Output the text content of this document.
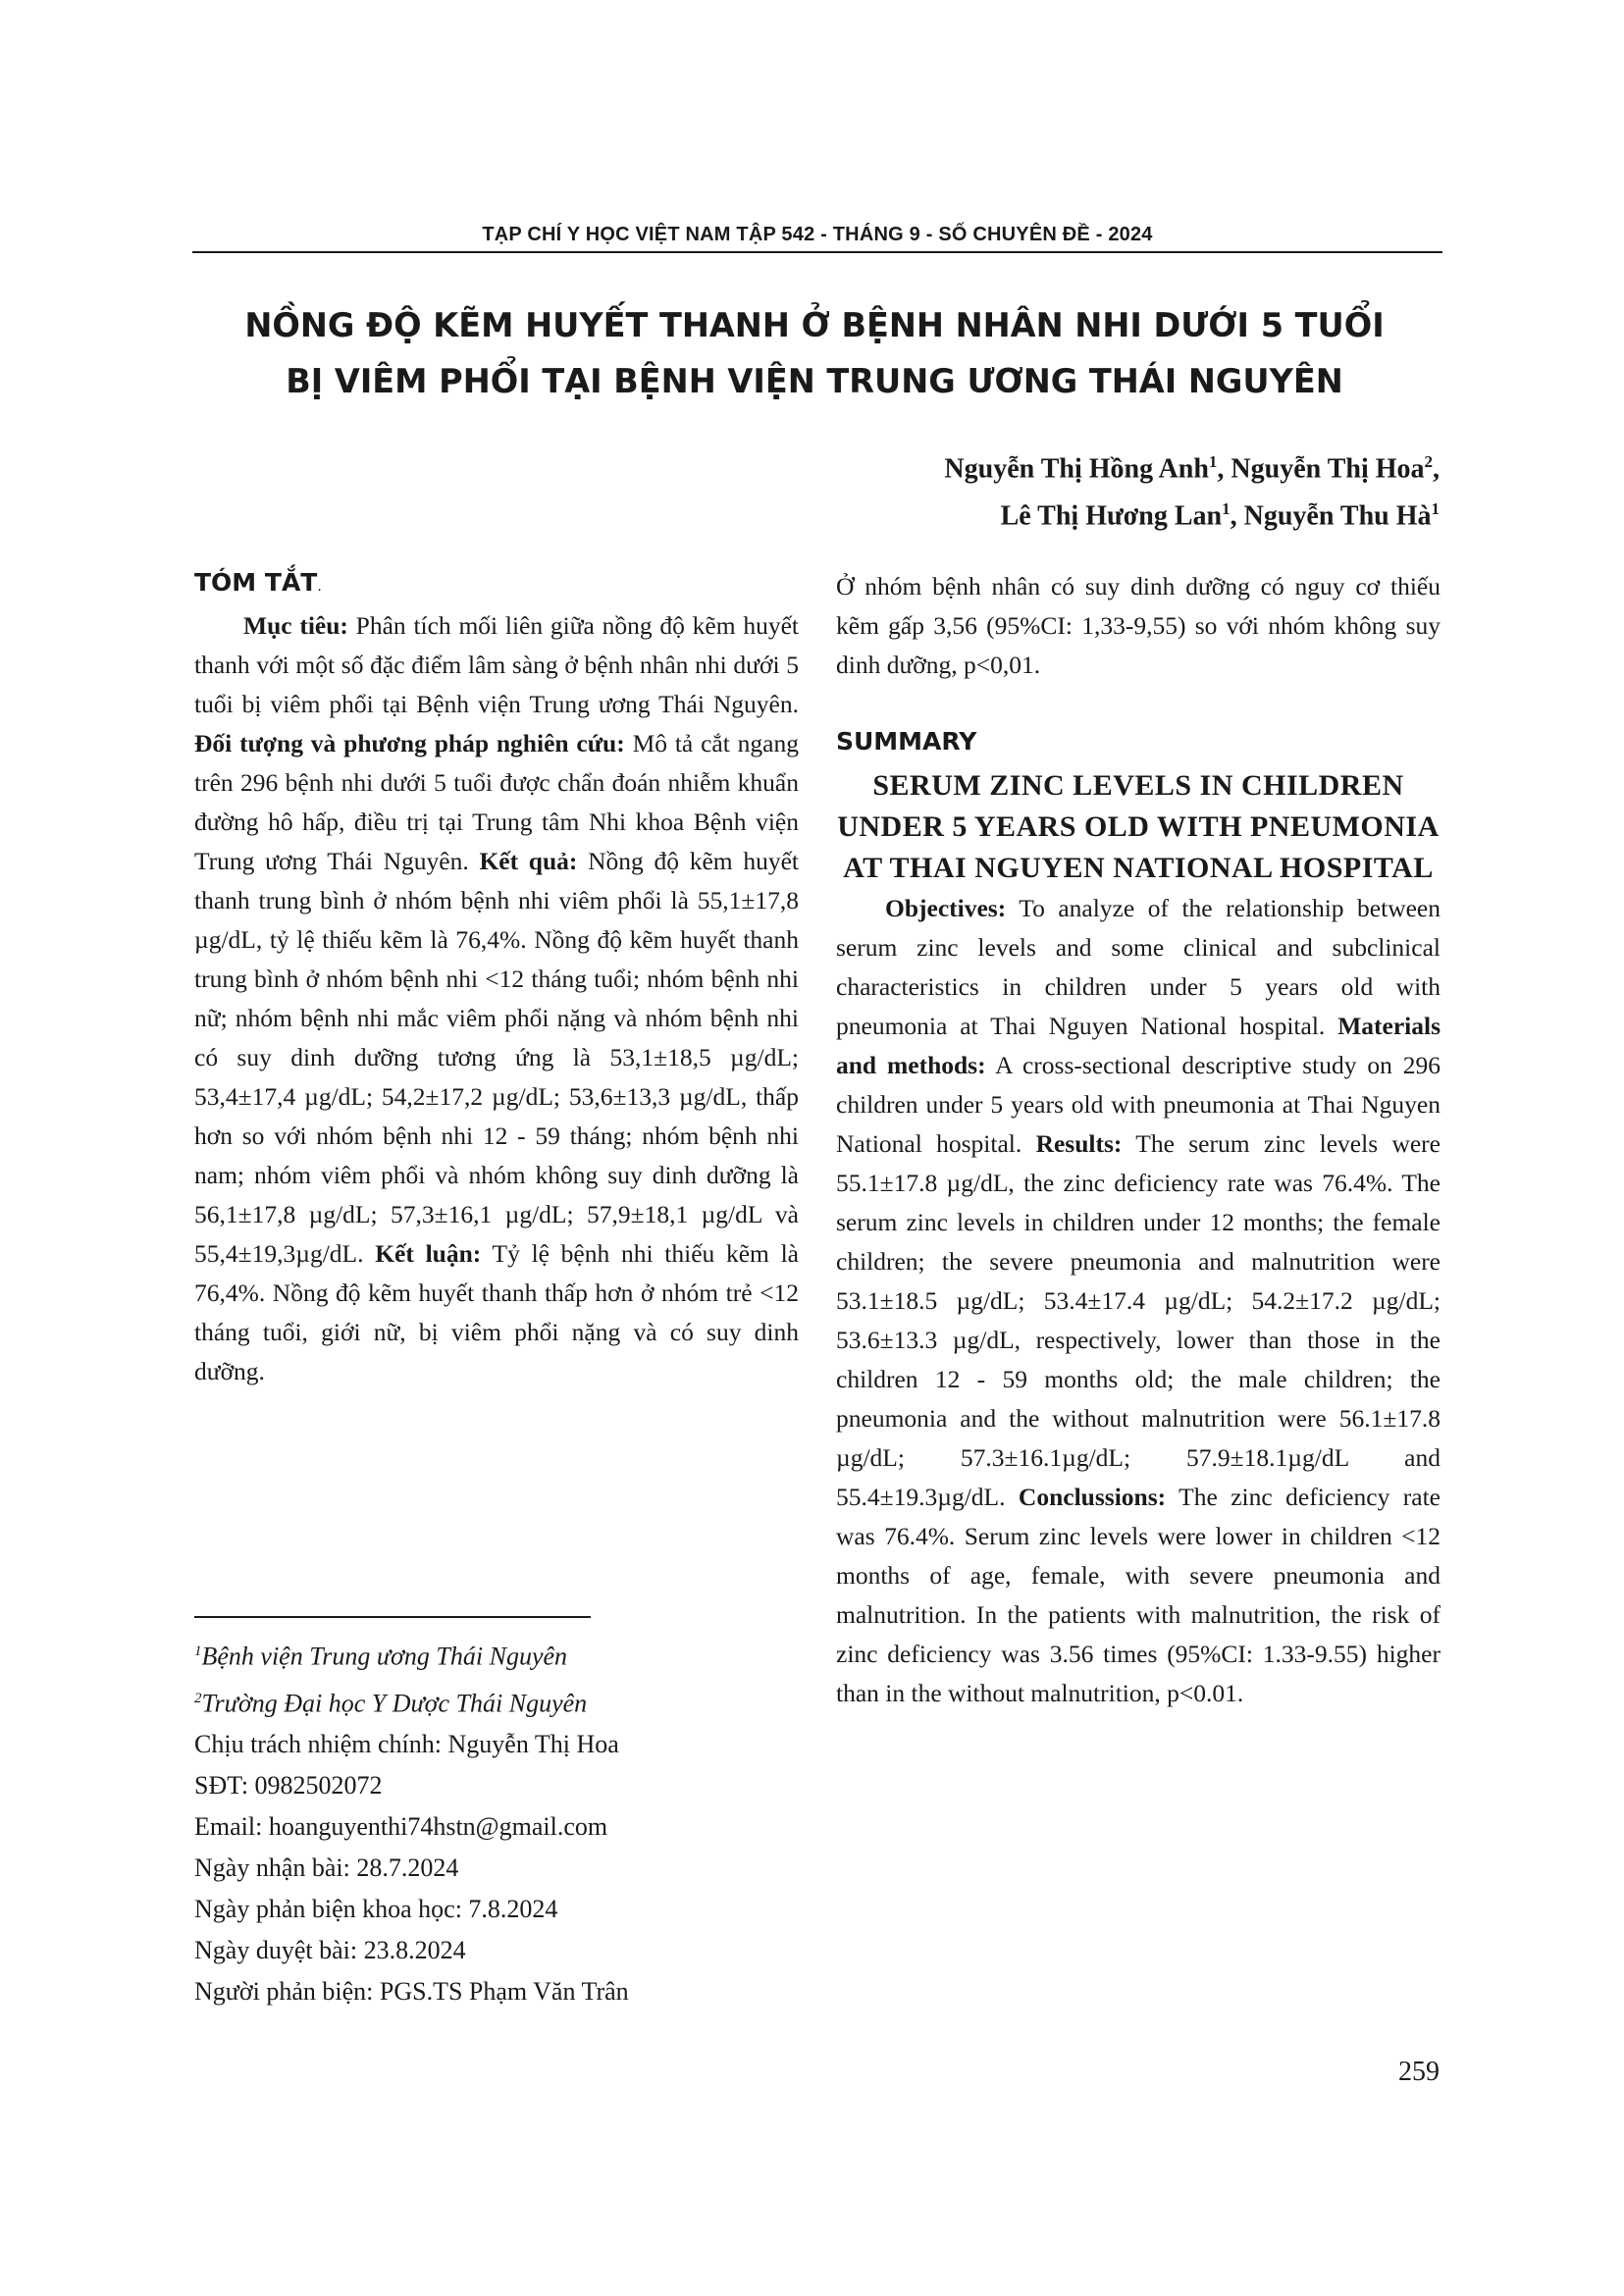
TẠP CHÍ Y HỌC VIỆT NAM TẬP 542 - THÁNG 9 - SỐ CHUYÊN ĐỀ - 2024
NỒNG ĐỘ KẼM HUYẾT THANH Ở BỆNH NHÂN NHI DƯỚI 5 TUỔI
BỊ VIÊM PHỔI TẠI BỆNH VIỆN TRUNG ƯƠNG THÁI NGUYÊN
Nguyễn Thị Hồng Anh$^1$, Nguyễn Thị Hoa$^2$,
Lê Thị Hương Lan$^1$, Nguyễn Thu $Hà^1$
TÓM TẮT.

Mục tiêu: Phân tích mối liên giữa nồng độ kẽm huyết thanh với một số đặc điểm lâm sàng ở bệnh nhân nhi dưới 5 tuổi bị viêm phổi tại Bệnh viện Trung ương Thái Nguyên. Đối tượng và phương pháp nghiên cứu: Mô tả cắt ngang trên 296 bệnh nhi dưới 5 tuổi được chẩn đoán nhiễm khuẩn đường hô hấp, điều trị tại Trung tâm Nhi khoa Bệnh viện Trung ương Thái Nguyên. Kết quả: Nồng độ kẽm huyết thanh trung bình ở nhóm bệnh nhi viêm phổi là 55,1±17,8 µg/dL, tỷ lệ thiếu kẽm là 76,4%. Nồng độ kẽm huyết thanh trung bình ở nhóm bệnh nhi <12 tháng tuổi; nhóm bệnh nhi nữ; nhóm bệnh nhi mắc viêm phổi nặng và nhóm bệnh nhi có suy dinh dưỡng tương ứng là 53,1±18,5 µg/dL; 53,4±17,4 µg/dL; 54,2±17,2 µg/dL; 53,6±13,3 µg/dL, thấp hơn so với nhóm bệnh nhi 12 - 59 tháng; nhóm bệnh nhi nam; nhóm viêm phổi và nhóm không suy dinh dưỡng là 56,1±17,8 µg/dL; 57,3±16,1 µg/dL; 57,9±18,1 µg/dL và 55,4±19,3µg/dL. Kết luận: Tỷ lệ bệnh nhi thiếu kẽm là 76,4%. Nồng độ kẽm huyết thanh thấp hơn ở nhóm trẻ <12 tháng tuổi, giới nữ, bị viêm phổi nặng và có suy dinh dưỡng.

$^1$Bệnh viện Trung ương Thái Nguyên
$^2$Trường Đại học Y Dược Thái Nguyên
Chịu trách nhiệm chính: Nguyễn Thị Hoa
SĐT: 0982502072
Email: hoanguyenthi74hstn@gmail.com
Ngày nhận bài: 28.7.2024
Ngày phản biện khoa học: 7.8.2024
Ngày duyệt bài: 23.8.2024
Người phản biện: PGS.TS Phạm Văn Trân

Ở nhóm bệnh nhân có suy dinh dưỡng có nguy cơ thiếu kẽm gấp 3,56 (95%CI: 1,33-9,55) so với nhóm không suy dinh dưỡng, p<0,01.

SUMMARY
SERUM ZINC LEVELS IN CHILDREN UNDER 5 YEARS OLD WITH PNEUMONIA AT THAI NGUYEN NATIONAL HOSPITAL

Objectives: To analyze of the relationship between serum zinc levels and some clinical and subclinical characteristics in children under 5 years old with pneumonia at Thai Nguyen National hospital. Materials and methods: A cross-sectional descriptive study on 296 children under 5 years old with pneumonia at Thai Nguyen National hospital. Results: The serum zinc levels were 55.1±17.8 µg/dL, the zinc deficiency rate was 76.4%. The serum zinc levels in children under 12 months; the female children; the severe pneumonia and malnutrition were 53.1±18.5 µg/dL; 53.4±17.4 µg/dL; 54.2±17.2 µg/dL; 53.6±13.3 µg/dL, respectively, lower than those in the children 12 - 59 months old; the male children; the pneumonia and the without malnutrition were 56.1±17.8 µg/dL; 57.3±16.1µg/dL; 57.9±18.1µg/dL and 55.4±19.3µg/dL. Conclussions: The zinc deficiency rate was 76.4%. Serum zinc levels were lower in children <12 months of age, female, with severe pneumonia and malnutrition. In the patients with malnutrition, the risk of zinc deficiency was 3.56 times (95%CI: 1.33-9.55) higher than in the without malnutrition, p<0.01.

259
